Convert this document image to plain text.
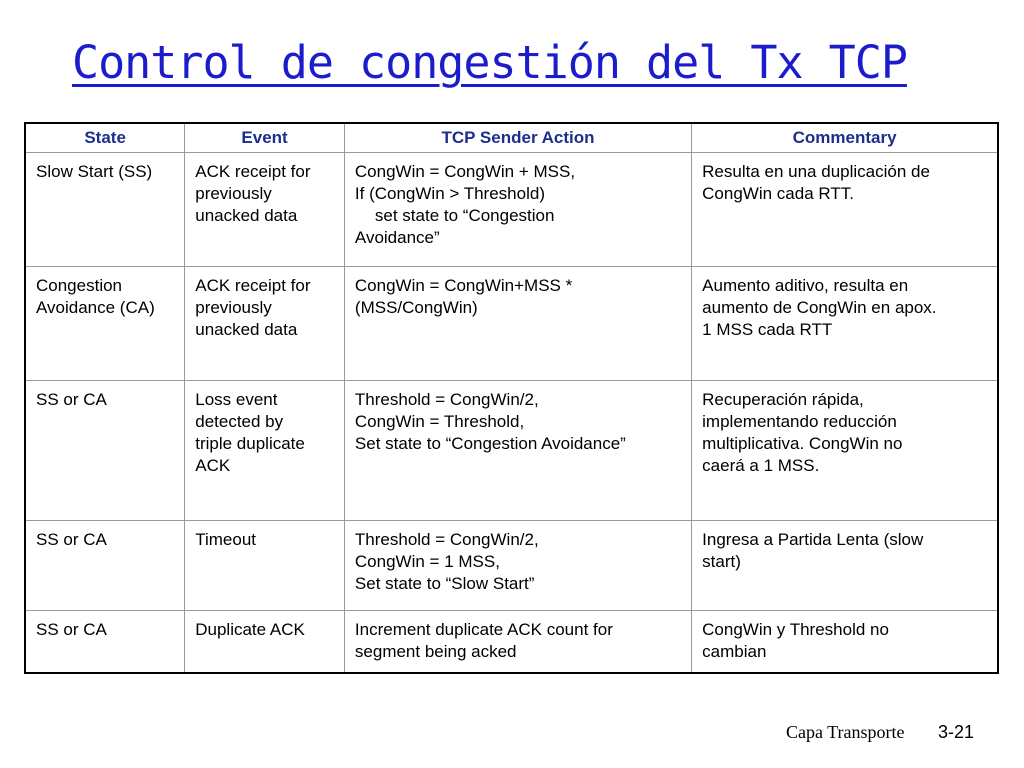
Control de congestión del Tx TCP
State	Event	TCP Sender Action	Commentary

Slow Start (SS)	ACK receipt for
previously
unacked data	CongWin = CongWin + MSS,
If (CongWin > Threshold)
set state to “Congestion
Avoidance”	Resulta en una duplicación de
CongWin cada RTT.

Congestion
Avoidance (CA)	ACK receipt for
previously
unacked data	CongWin = CongWin+MSS *
(MSS/CongWin)	Aumento aditivo, resulta en
aumento de CongWin en apox.
1 MSS cada RTT

SS or CA	Loss event
detected by
triple duplicate
ACK	Threshold = CongWin/2,
CongWin = Threshold,
Set state to “Congestion Avoidance”	Recuperación rápida,
implementando reducción
multiplicativa. CongWin no
caerá a 1 MSS.

SS or CA	Timeout	Threshold = CongWin/2,
CongWin = 1 MSS,
Set state to “Slow Start”	Ingresa a Partida Lenta (slow
start)

SS or CA	Duplicate ACK	Increment duplicate ACK count for
segment being acked	CongWin y Threshold no
cambian
Capa Transporte 3-21
